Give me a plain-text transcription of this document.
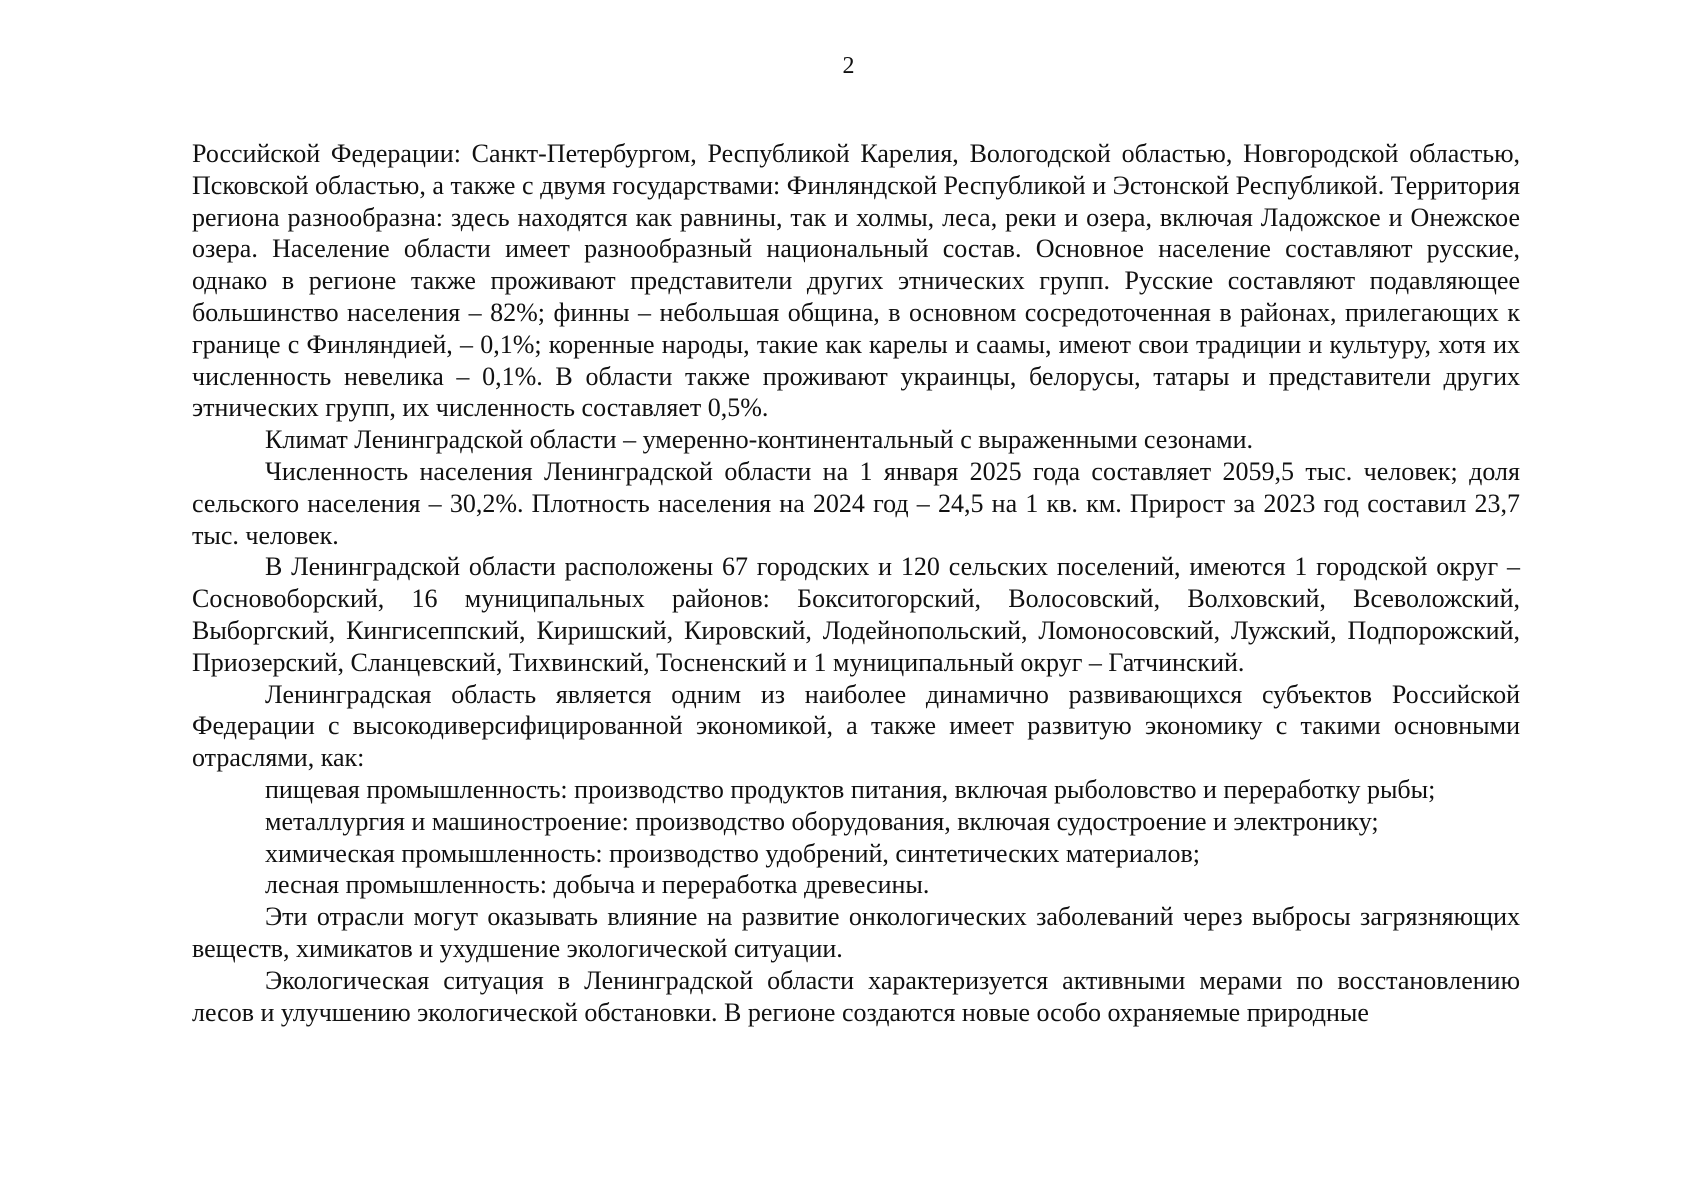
2

Российской Федерации: Санкт-Петербургом, Республикой Карелия, Вологодской областью, Новгородской областью, Псковской областью, а также с двумя государствами: Финляндской Республикой и Эстонской Республикой. Территория региона разнообразна: здесь находятся как равнины, так и холмы, леса, реки и озера, включая Ладожское и Онежское озера. Население области имеет разнообразный национальный состав. Основное население составляют русские, однако в регионе также проживают представители других этнических групп. Русские составляют подавляющее большинство населения – 82%; финны – небольшая община, в основном сосредоточенная в районах, прилегающих к границе с Финляндией, – 0,1%; коренные народы, такие как карелы и саамы, имеют свои традиции и культуру, хотя их численность невелика – 0,1%. В области также проживают украинцы, белорусы, татары и представители других этнических групп, их численность составляет 0,5%.

Климат Ленинградской области – умеренно-континентальный с выраженными сезонами.

Численность населения Ленинградской области на 1 января 2025 года составляет 2059,5 тыс. человек; доля сельского населения – 30,2%. Плотность населения на 2024 год – 24,5 на 1 кв. км. Прирост за 2023 год составил 23,7 тыс. человек.

В Ленинградской области расположены 67 городских и 120 сельских поселений, имеются 1 городской округ – Сосновоборский, 16 муниципальных районов: Бокситогорский, Волосовский, Волховский, Всеволожский, Выборгский, Кингисеппский, Киришский, Кировский, Лодейнопольский, Ломоносовский, Лужский, Подпорожский, Приозерский, Сланцевский, Тихвинский, Тосненский и 1 муниципальный округ – Гатчинский.

Ленинградская область является одним из наиболее динамично развивающихся субъектов Российской Федерации с высокодиверсифицированной экономикой, а также имеет развитую экономику с такими основными отраслями, как:

пищевая промышленность: производство продуктов питания, включая рыболовство и переработку рыбы;

металлургия и машиностроение: производство оборудования, включая судостроение и электронику;

химическая промышленность: производство удобрений, синтетических материалов;

лесная промышленность: добыча и переработка древесины.

Эти отрасли могут оказывать влияние на развитие онкологических заболеваний через выбросы загрязняющих веществ, химикатов и ухудшение экологической ситуации.

Экологическая ситуация в Ленинградской области характеризуется активными мерами по восстановлению лесов и улучшению экологической обстановки. В регионе создаются новые особо охраняемые природные
